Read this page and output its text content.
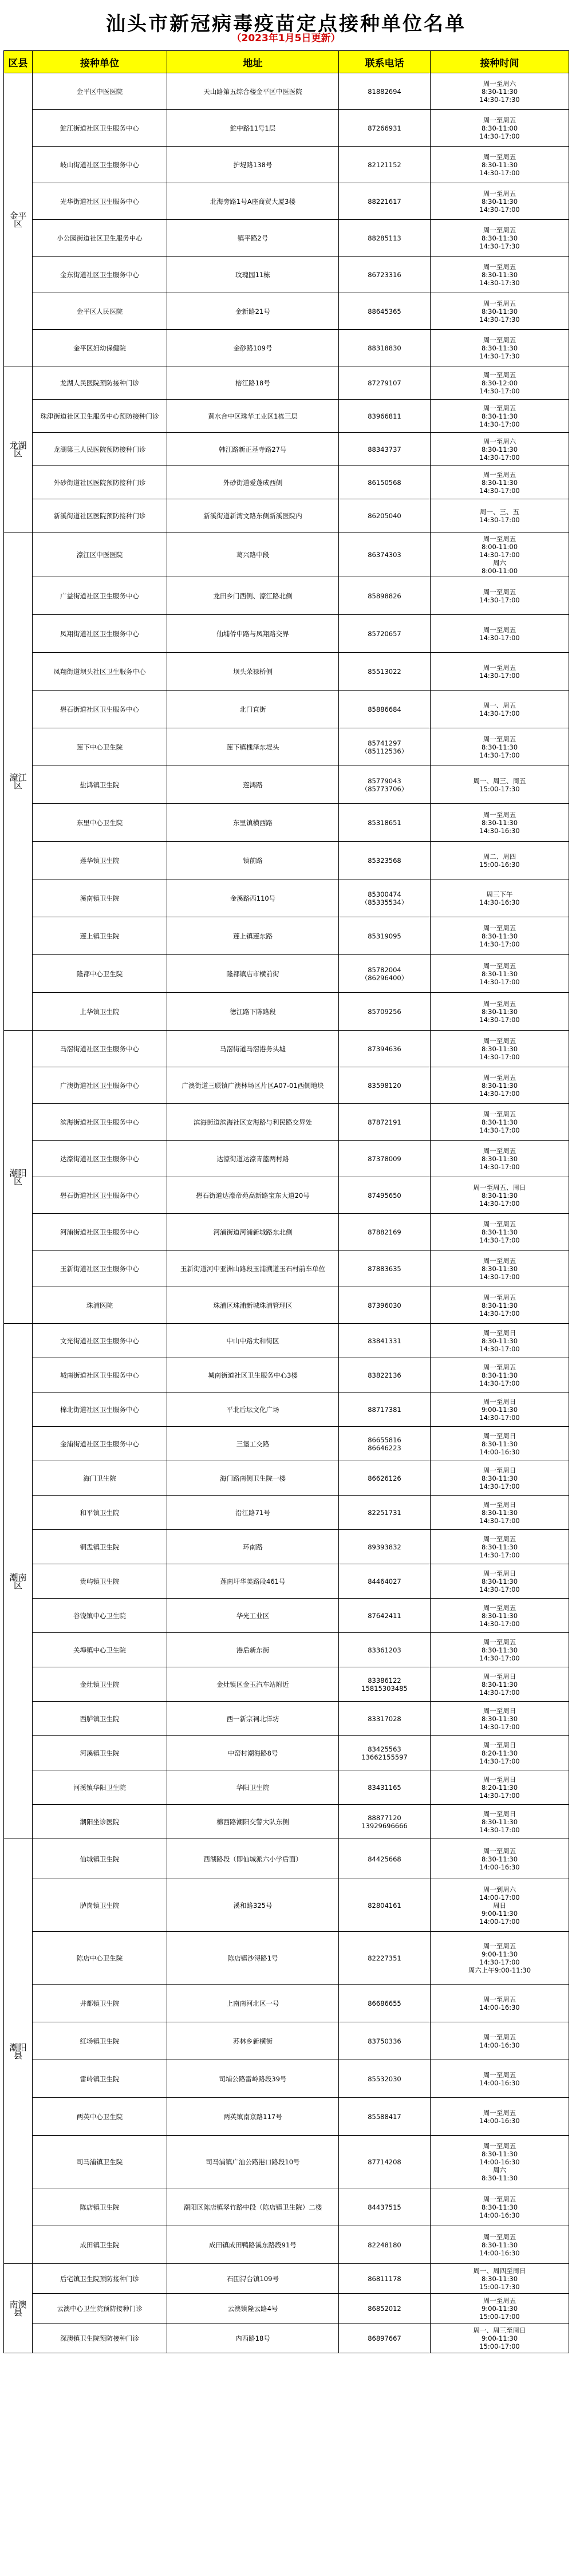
汕头市新冠病毒疫苗定点接种单位名单

（2023年1月5日更新）

区县	接种单位	地址	联系电话	接种时间
金平区	金平区中医医院	天山路第五综合楼金平区中医医院	81882694	周一至周六
8:30-11:30
14:30-17:30
	鮀江街道社区卫生服务中心	鮀中路11号1层	87266931	周一至周五
8:30-11:00
14:30-17:00
	岐山街道社区卫生服务中心	护堤路138号	82121152	周一至周五
8:30-11:30
14:30-17:00
	光华街道社区卫生服务中心	北海旁路1号A座商贸大厦3楼	88221617	周一至周五
8:30-11:30
14:30-17:00
	小公园街道社区卫生服务中心	镇平路2号	88285113	周一至周五
8:30-11:30
14:30-17:30
	金东街道社区卫生服务中心	玫瑰园11栋	86723316	周一至周五
8:30-11:30
14:30-17:30
	金平区人民医院	金新路21号	88645365	周一至周五
8:30-11:30
14:30-17:30
	金平区妇幼保健院	金砂路109号	88318830	周一至周五
8:30-11:30
14:30-17:30
龙湖区	龙湖人民医院预防接种门诊	榕江路18号	87279107	周一至周五
8:30-12:00
14:30-17:00
	珠津街道社区卫生服务中心预防接种门诊	黄水合中区珠华工业区1栋三层	83966811	周一至周五
8:30-11:30
14:30-17:00
	龙湖第三人民医院预防接种门诊	韩江路新正基寺路27号	88343737	周一至周六
8:30-11:30
14:30-17:00
	外砂街道社区医院预防接种门诊	外砂街道爱蓬成西侧	86150568	周一至周五
8:30-11:30
14:30-17:00
	新溪街道社区医院预防接种门诊	新溪街道新湾文路东侧新溪医院内	86205040	周一、三、五
14:30-17:00
濠江区	濠江区中医医院	葛兴路中段	86374303	周一至周五
8:00-11:00
14:30-17:00
周六
8:00-11:00
	广益街道社区卫生服务中心	龙田乡门西侧、濠江路北侧	85898826	周一至周五
14:30-17:00
	凤翔街道社区卫生服务中心	仙埔侨中路与凤翔路交界	85720657	周一至周五
14:30-17:00
	凤翔街道坝头社区卫生服务中心	坝头荣禄桥侧	85513022	周一至周五
14:30-17:00
	礐石街道社区卫生服务中心	北门直街	85886684	周一、周五
14:30-17:00
	莲下中心卫生院	莲下镇槐泽东堤头	85741297
（85112536）	周一至周五
8:30-11:30
14:30-17:00
	盐鸿镇卫生院	莲鸿路	85779043
（85773706）	周一、周三、周五
15:00-17:30
	东里中心卫生院	东里镇横西路	85318651	周一至周五
8:30-11:30
14:30-16:30
	莲华镇卫生院	镇前路	85323568	周二、周四
15:00-16:30
	溪南镇卫生院	金溪路西110号	85300474
（85335534）	周三下午
14:30-16:30
	莲上镇卫生院	莲上镇莲东路	85319095	周一至周五
8:30-11:30
14:30-17:00
	隆都中心卫生院	隆都镇店市横前街	85782004
（86296400）	周一至周五
8:30-11:30
14:30-17:00
	上华镇卫生院	德江路下陈路段	85709256	周一至周五
8:30-11:30
14:30-17:00
潮阳区	马滘街道社区卫生服务中心	马滘街道马滘港务头墟	87394636	周一至周五
8:30-11:30
14:30-17:00
	广澳街道社区卫生服务中心	广澳街道三联镇广澳林场区片区A07-01西侧地块	83598120	周一至周五
8:30-11:30
14:30-17:00
	滨海街道社区卫生服务中心	滨海街道滨海社区安海路与利民路交界处	87872191	周一至周五
8:30-11:30
14:30-17:00
	达濠街道社区卫生服务中心	达濠街道达濠青篮两村路	87378009	周一至周五
8:30-11:30
14:30-17:00
	礐石街道社区卫生服务中心	礐石街道达濠帝苑高新路宝东大道20号	87495650	周一至周五、周日
8:30-11:30
14:30-17:00
	河浦街道社区卫生服务中心	河浦街道河浦新城路东北侧	87882169	周一至周五
8:30-11:30
14:30-17:00
	玉新街道社区卫生服务中心	玉新街道河中亚洲山路段玉浦溯道玉石村前车单位	87883635	周一至周五
8:30-11:30
14:30-17:00
	珠浦医院	珠浦区珠浦新城珠浦管理区	87396030	周一至周五
8:30-11:30
14:30-17:00
潮南区	文光街道社区卫生服务中心	中山中路太和街区	83841331	周一至周日
8:30-11:30
14:30-17:00
	城南街道社区卫生服务中心	城南街道社区卫生服务中心3楼	83822136	周一至周五
8:30-11:30
14:30-17:00
	棉北街道社区卫生服务中心	平北后坛文化广场	88717381	周一至周日
9:00-11:30
14:30-17:00
	金浦街道社区卫生服务中心	三堡工交路	86655816
86646223	周一至周日
8:30-11:30
14:00-16:30
	海门卫生院	海门路南侧卫生院一楼	86626126	周一至周日
8:30-11:30
14:30-17:00
	和平镇卫生院	沿江路71号	82251731	周一至周日
8:30-11:30
14:30-17:00
	铜盂镇卫生院	环南路	89393832	周一至周五
8:30-11:30
14:30-17:00
	贵屿镇卫生院	莲南圩华美路段461号	84464027	周一至周日
8:30-11:30
14:30-17:00
	谷饶镇中心卫生院	华光工业区	87642411	周一至周五
8:30-11:30
14:30-17:00
	关埠镇中心卫生院	港后新东街	83361203	周一至周五
8:30-11:30
14:30-17:00
	金灶镇卫生院	金灶镇区金玉汽车站附近	83386122
15815303485	周一至周日
8:30-11:30
14:30-17:00
	西胪镇卫生院	西一新宗祠北洋坊	83317028	周一至周日
8:30-11:30
14:30-17:00
	河溪镇卫生院	中窑村潮海路8号	83425563
13662155597	周一至周日
8:20-11:30
14:30-17:00
	河溪镇华阳卫生院	华阳卫生院	83431165	周一至周日
8:20-11:30
14:30-17:00
	潮阳坐诊医院	棉西路潮阳交警大队东侧	88877120
13929696666	周一至周日
8:30-11:30
14:30-17:00
潮阳县	仙城镇卫生院	西湖路段（即仙城派六小学后面）	84425668	周一至周五
8:30-11:30
14:00-16:30
	胪岗镇卫生院	溪和路325号	82804161	周一到周六
14:00-17:00
周日
9:00-11:30
14:00-17:00
	陈店中心卫生院	陈店镇沙浔路1号	82227351	周一至周五
9:00-11:30
14:30-17:00
周六上午9:00-11:30
	井都镇卫生院	上南南河北区一号	86686655	周一至周五
14:00-16:30
	红场镇卫生院	苏林乡新横街	83750336	周一至周五
14:00-16:30
	雷岭镇卫生院	司埔公路雷岭路段39号	85532030	周一至周五
14:00-16:30
	两英中心卫生院	两英镇南京路117号	85588417	周一至周五
14:00-16:30
	司马浦镇卫生院	司马浦镇广汕公路港口路段10号	87714208	周一至周五
8:30-11:30
14:00-16:30
周六
8:30-11:30
	陈店镇卫生院	潮阳区陈店镇翠竹路中段（陈店镇卫生院）二楼	84437515	周一至周五
8:30-11:30
14:00-16:30
	成田镇卫生院	成田镇成田鸭路溪东路段91号	82248180	周一至周五
8:30-11:30
14:00-16:30
南澳县	后宅镇卫生院预防接种门诊	石围浔台镇109号	86811178	周一、周四至周日
8:30-11:30
15:00-17:30
	云澳中心卫生院预防接种门诊	云澳镇隆云路4号	86852012	周一至周五
9:00-11:30
15:00-17:00
	深澳镇卫生院预防接种门诊	内西路18号	86897667	周一、周三至周日
9:00-11:30
15:00-17:00
